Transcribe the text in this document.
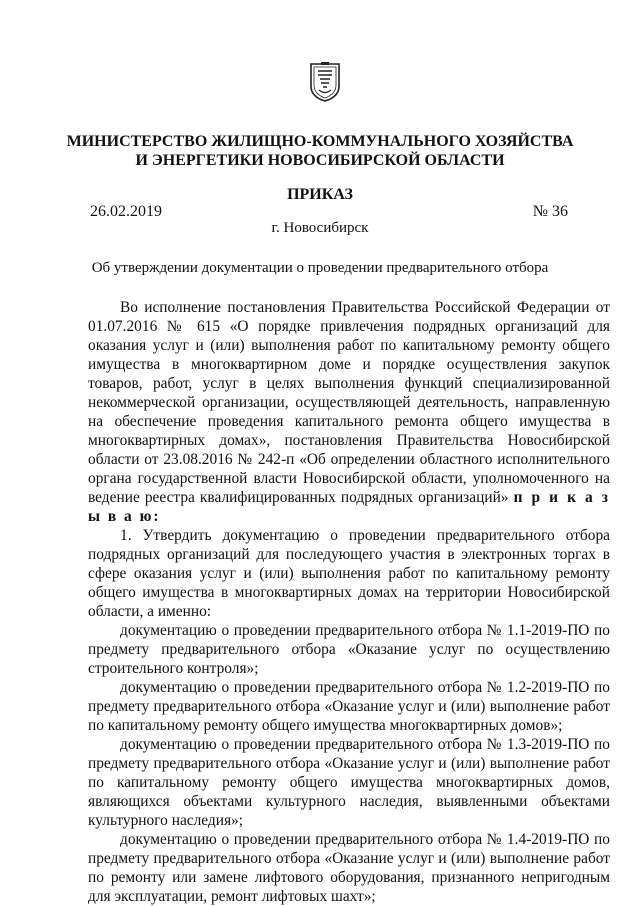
МИНИСТЕРСТВО ЖИЛИЩНО-КОММУНАЛЬНОГО ХОЗЯЙСТВА
И ЭНЕРГЕТИКИ НОВОСИБИРСКОЙ ОБЛАСТИ
ПРИКАЗ
26.02.2019	№ 36
г. Новосибирск
Об утверждении документации о проведении предварительного отбора

Во исполнение постановления Правительства Российской Федерации от 01.07.2016 № 615 «О порядке привлечения подрядных организаций для оказания услуг и (или) выполнения работ по капитальному ремонту общего имущества в многоквартирном доме и порядке осуществления закупок товаров, работ, услуг в целях выполнения функций специализированной некоммерческой организации, осуществляющей деятельность, направленную на обеспечение проведения капитального ремонта общего имущества в многоквартирных домах», постановления Правительства Новосибирской области от 23.08.2016 № 242-п «Об определении областного исполнительного органа государственной власти Новосибирской области, уполномоченного на ведение реестра квалифицированных подрядных организаций» п р и к а з ы в а ю:

1. Утвердить документацию о проведении предварительного отбора подрядных организаций для последующего участия в электронных торгах в сфере оказания услуг и (или) выполнения работ по капитальному ремонту общего имущества в многоквартирных домах на территории Новосибирской области, а именно:

документацию о проведении предварительного отбора № 1.1-2019-ПО по предмету предварительного отбора «Оказание услуг по осуществлению строительного контроля»;

документацию о проведении предварительного отбора № 1.2-2019-ПО по предмету предварительного отбора «Оказание услуг и (или) выполнение работ по капитальному ремонту общего имущества многоквартирных домов»;

документацию о проведении предварительного отбора № 1.3-2019-ПО по предмету предварительного отбора «Оказание услуг и (или) выполнение работ по капитальному ремонту общего имущества многоквартирных домов, являющихся объектами культурного наследия, выявленными объектами культурного наследия»;

документацию о проведении предварительного отбора № 1.4-2019-ПО по предмету предварительного отбора «Оказание услуг и (или) выполнение работ по ремонту или замене лифтового оборудования, признанного непригодным для эксплуатации, ремонт лифтовых шахт»;
